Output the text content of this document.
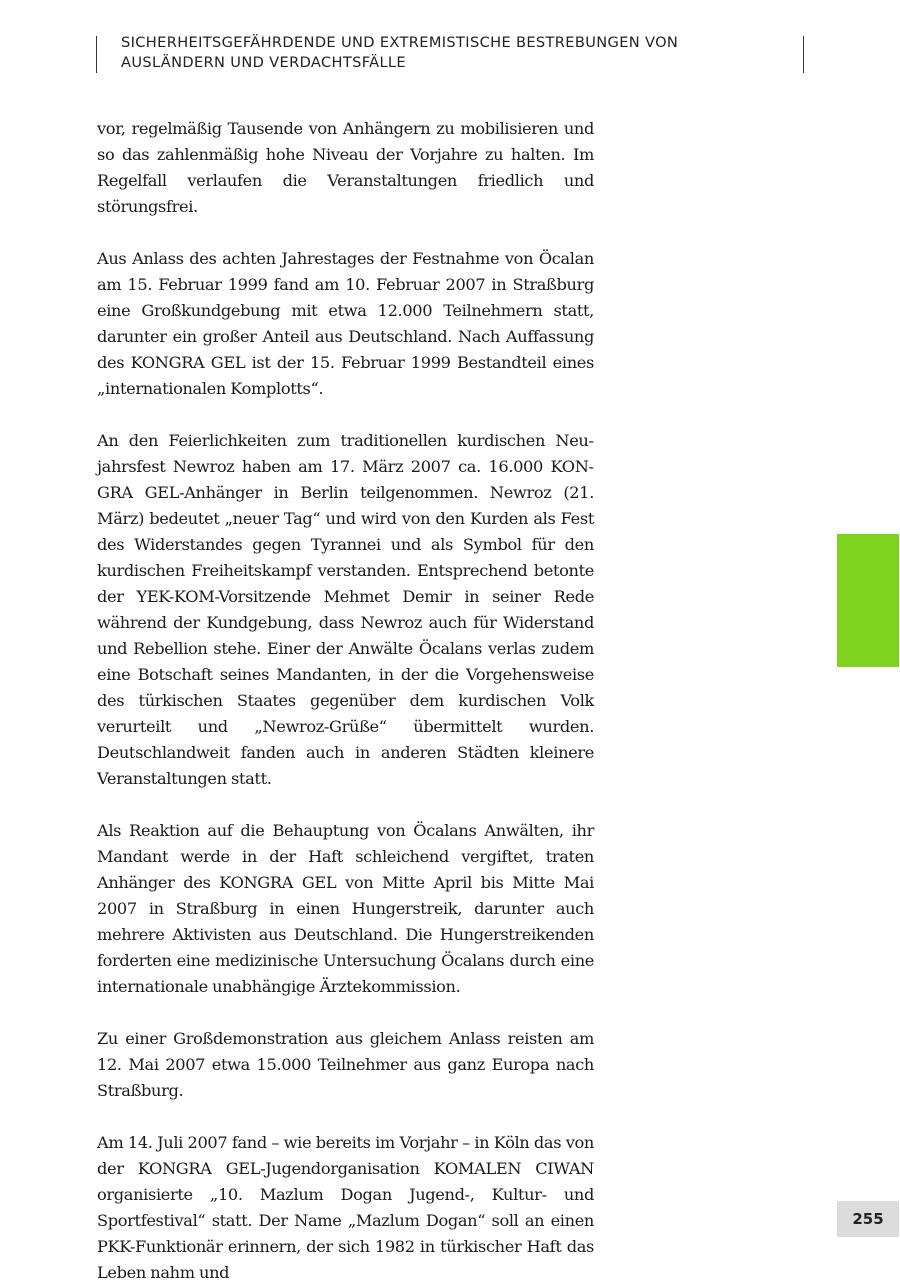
SICHERHEITSGEFÄHRDENDE UND EXTREMISTISCHE BESTREBUNGEN VON
AUSLÄNDERN UND VERDACHTSFÄLLE

vor, regelmäßig Tausende von Anhängern zu mobilisieren und so das zahlenmäßig hohe Niveau der Vorjahre zu halten. Im Regelfall verlaufen die Veranstaltungen friedlich und störungsfrei.

Aus Anlass des achten Jahrestages der Festnahme von Öcalan am 15. Februar 1999 fand am 10. Februar 2007 in Straßburg eine Großkundgebung mit etwa 12.000 Teilnehmern statt, darunter ein großer Anteil aus Deutschland. Nach Auffassung des KONGRA GEL ist der 15. Februar 1999 Bestandteil eines „internationalen Komplotts“.

An den Feierlichkeiten zum traditionellen kurdischen Neujahrsfest Newroz haben am 17. März 2007 ca. 16.000 KONGRA GEL-Anhänger in Berlin teilgenommen. Newroz (21. März) bedeutet „neuer Tag“ und wird von den Kurden als Fest des Widerstandes gegen Tyrannei und als Symbol für den kurdischen Freiheitskampf verstanden. Entsprechend betonte der YEK-KOM-Vorsitzende Mehmet Demir in seiner Rede während der Kundgebung, dass Newroz auch für Widerstand und Rebellion stehe. Einer der Anwälte Öcalans verlas zudem eine Botschaft seines Mandanten, in der die Vorgehensweise des türkischen Staates gegenüber dem kurdischen Volk verurteilt und „Newroz-Grüße“ übermittelt wurden. Deutschlandweit fanden auch in anderen Städten kleinere Veranstaltungen statt.

Als Reaktion auf die Behauptung von Öcalans Anwälten, ihr Mandant werde in der Haft schleichend vergiftet, traten Anhänger des KONGRA GEL von Mitte April bis Mitte Mai 2007 in Straßburg in einen Hungerstreik, darunter auch mehrere Aktivisten aus Deutschland. Die Hungerstreikenden forderten eine medizinische Untersuchung Öcalans durch eine internationale unabhängige Ärztekommission.

Zu einer Großdemonstration aus gleichem Anlass reisten am 12. Mai 2007 etwa 15.000 Teilnehmer aus ganz Europa nach Straßburg.

Am 14. Juli 2007 fand – wie bereits im Vorjahr – in Köln das von der KONGRA GEL-Jugendorganisation KOMALEN CIWAN organisierte „10. Mazlum Dogan Jugend-, Kultur- und Sportfestival“ statt. Der Name „Mazlum Dogan“ soll an einen PKK-Funktionär erinnern, der sich 1982 in türkischer Haft das Leben nahm und

255
